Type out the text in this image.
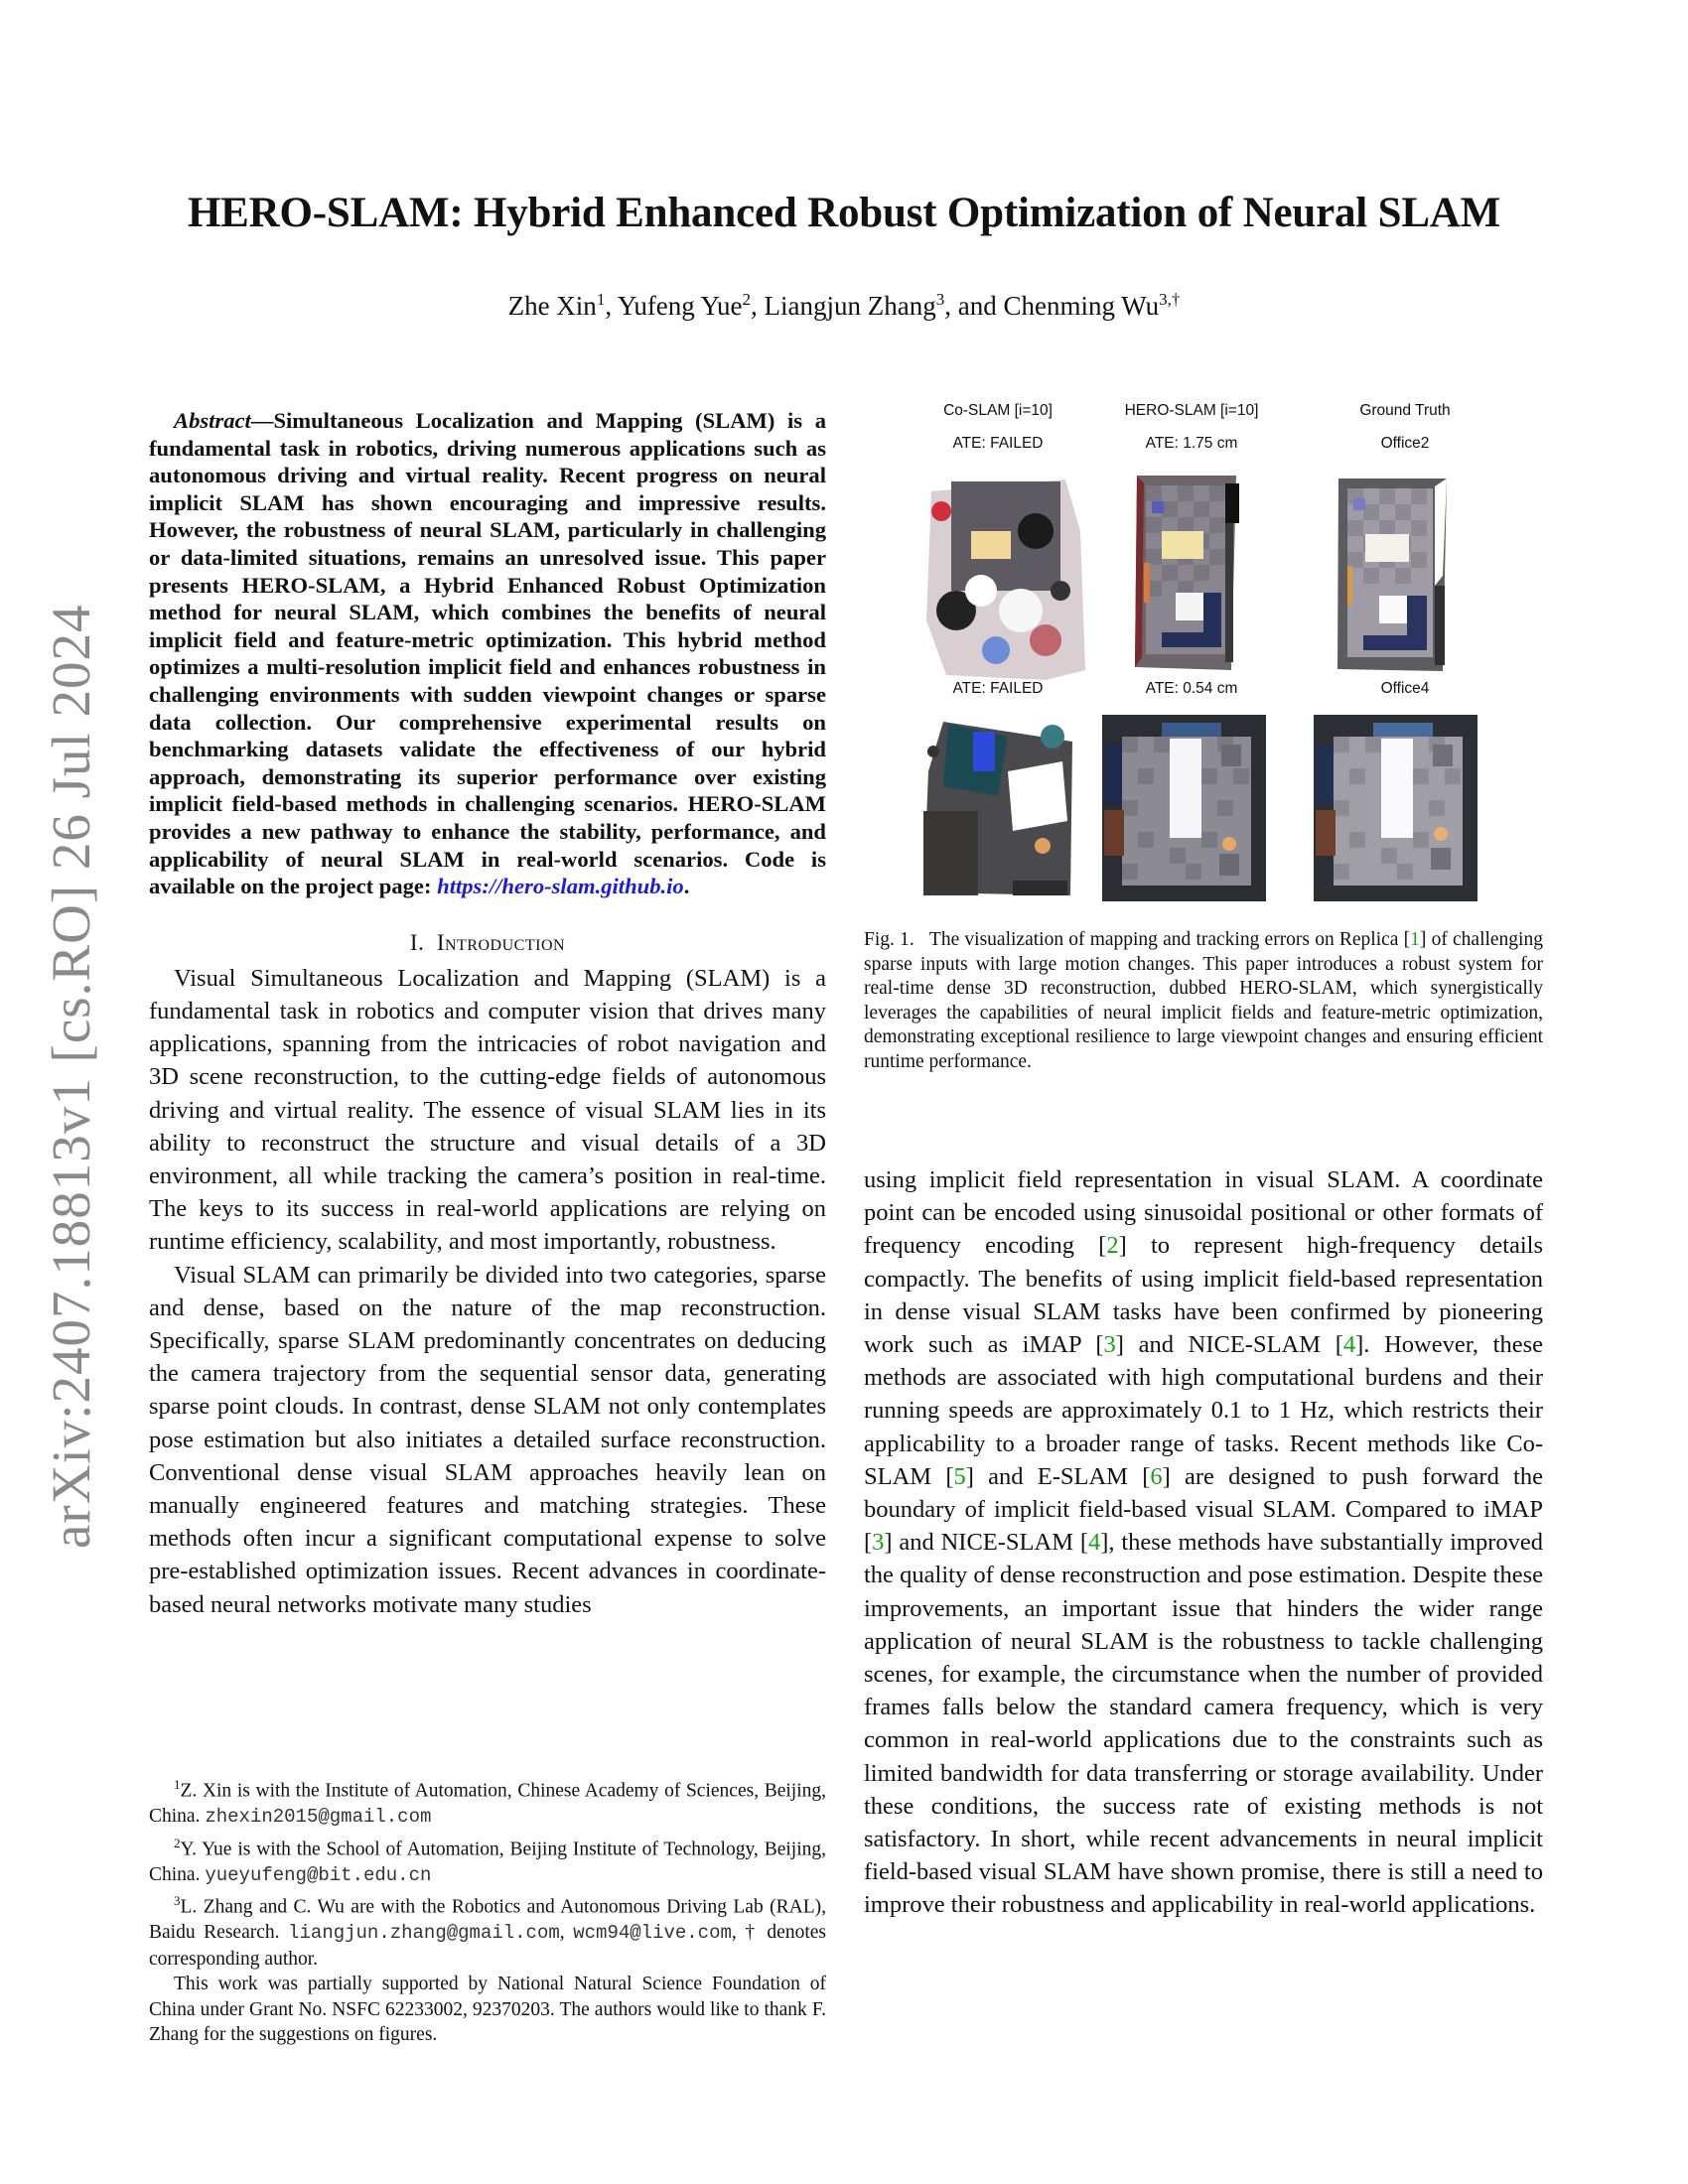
arXiv:2407.18813v1 [cs.RO] 26 Jul 2024
HERO-SLAM: Hybrid Enhanced Robust Optimization of Neural SLAM
Zhe Xin$^1$, Yufeng Yue$^2$, Liangjun Zhang$^3$, and Chenming $Wu^{3,\dagger}$

Abstract—Simultaneous Localization and Mapping (SLAM) is a fundamental task in robotics, driving numerous applications such as autonomous driving and virtual reality. Recent progress on neural implicit SLAM has shown encouraging and impressive results. However, the robustness of neural SLAM, particularly in challenging or data-limited situations, remains an unresolved issue. This paper presents HERO-SLAM, a Hybrid Enhanced Robust Optimization method for neural SLAM, which combines the benefits of neural implicit field and feature-metric optimization. This hybrid method optimizes a multi-resolution implicit field and enhances robustness in challenging environments with sudden viewpoint changes or sparse data collection. Our comprehensive experimental results on benchmarking datasets validate the effectiveness of our hybrid approach, demonstrating its superior performance over existing implicit field-based methods in challenging scenarios. HERO-SLAM provides a new pathway to enhance the stability, performance, and applicability of neural SLAM in real-world scenarios. Code is available on the project page: https://hero-slam.github.io.

I. Introduction

Visual Simultaneous Localization and Mapping (SLAM) is a fundamental task in robotics and computer vision that drives many applications, spanning from the intricacies of robot navigation and 3D scene reconstruction, to the cutting-edge fields of autonomous driving and virtual reality. The essence of visual SLAM lies in its ability to reconstruct the structure and visual details of a 3D environment, all while tracking the camera’s position in real-time. The keys to its success in real-world applications are relying on runtime efficiency, scalability, and most importantly, robustness.

Visual SLAM can primarily be divided into two categories, sparse and dense, based on the nature of the map reconstruction. Specifically, sparse SLAM predominantly concentrates on deducing the camera trajectory from the sequential sensor data, generating sparse point clouds. In contrast, dense SLAM not only contemplates pose estimation but also initiates a detailed surface reconstruction. Conventional dense visual SLAM approaches heavily lean on manually engineered features and matching strategies. These methods often incur a significant computational expense to solve pre-established optimization issues. Recent advances in coordinate-based neural networks motivate many studies

$^1$Z. Xin is with the Institute of Automation, Chinese Academy of Sciences, Beijing, China. zhexin2015@gmail.com

$^2$Y. Yue is with the School of Automation, Beijing Institute of Technology, Beijing, China. yueyufeng@bit.edu.cn

$^3$L. Zhang and C. Wu are with the Robotics and Autonomous Driving Lab (RAL), Baidu Research. liangjun.zhang@gmail.com, wcm94@live.com, † denotes corresponding author.

This work was partially supported by National Natural Science Foundation of China under Grant No. NSFC 62233002, 92370203. The authors would like to thank F. Zhang for the suggestions on figures.

Co-SLAM [i=10]	HERO-SLAM [i=10]	Ground Truth
ATE: FAILED	ATE: 1.75 cm	Office2
ATE: FAILED	ATE: 0.54 cm	Office4
Fig. 1. The visualization of mapping and tracking errors on Replica [1] of challenging sparse inputs with large motion changes. This paper introduces a robust system for real-time dense 3D reconstruction, dubbed HERO-SLAM, which synergistically leverages the capabilities of neural implicit fields and feature-metric optimization, demonstrating exceptional resilience to large viewpoint changes and ensuring efficient runtime performance.

using implicit field representation in visual SLAM. A coordinate point can be encoded using sinusoidal positional or other formats of frequency encoding [2] to represent high-frequency details compactly. The benefits of using implicit field-based representation in dense visual SLAM tasks have been confirmed by pioneering work such as iMAP [3] and NICE-SLAM [4]. However, these methods are associated with high computational burdens and their running speeds are approximately 0.1 to 1 Hz, which restricts their applicability to a broader range of tasks. Recent methods like Co-SLAM [5] and E-SLAM [6] are designed to push forward the boundary of implicit field-based visual SLAM. Compared to iMAP [3] and NICE-SLAM [4], these methods have substantially improved the quality of dense reconstruction and pose estimation. Despite these improvements, an important issue that hinders the wider range application of neural SLAM is the robustness to tackle challenging scenes, for example, the circumstance when the number of provided frames falls below the standard camera frequency, which is very common in real-world applications due to the constraints such as limited bandwidth for data transferring or storage availability. Under these conditions, the success rate of existing methods is not satisfactory. In short, while recent advancements in neural implicit field-based visual SLAM have shown promise, there is still a need to improve their robustness and applicability in real-world applications.
